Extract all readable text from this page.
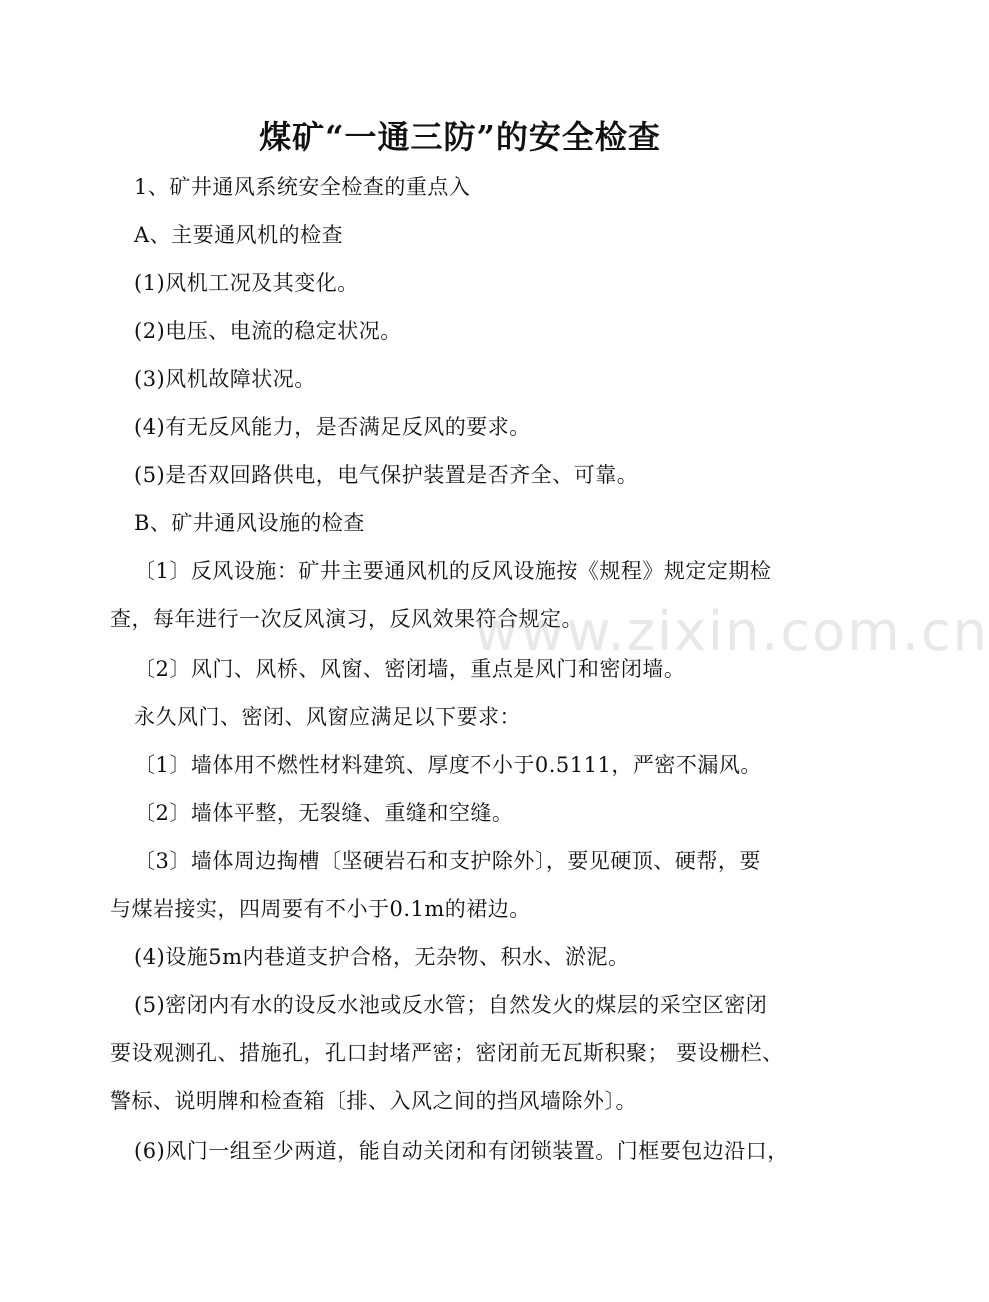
煤矿“一通三防”的安全检查
1、矿井通风系统安全检查的重点入
A、主要通风机的检查
(1)风机工况及其变化。
(2)电压、电流的稳定状况。
(3)风机故障状况。
(4)有无反风能力，是否满足反风的要求。
(5)是否双回路供电，电气保护装置是否齐全、可靠。
B、矿井通风设施的检查
〔1〕反风设施：矿井主要通风机的反风设施按《规程》规定定期检
查，每年进行一次反风演习，反风效果符合规定。
〔2〕风门、风桥、风窗、密闭墙，重点是风门和密闭墙。
永久风门、密闭、风窗应满足以下要求：
〔1〕墙体用不燃性材料建筑、厚度不小于0.5111，严密不漏风。
〔2〕墙体平整，无裂缝、重缝和空缝。
〔3〕墙体周边掏槽〔坚硬岩石和支护除外〕，要见硬顶、硬帮，要
与煤岩接实，四周要有不小于0.1m的裙边。
(4)设施5m内巷道支护合格，无杂物、积水、淤泥。
(5)密闭内有水的设反水池或反水管；自然发火的煤层的采空区密闭
要设观测孔、措施孔，孔口封堵严密；密闭前无瓦斯积聚； 要设栅栏、
警标、说明牌和检查箱〔排、入风之间的挡风墙除外〕。
(6)风门一组至少两道，能自动关闭和有闭锁装置。门框要包边沿口，
www.zixin.com.cn
